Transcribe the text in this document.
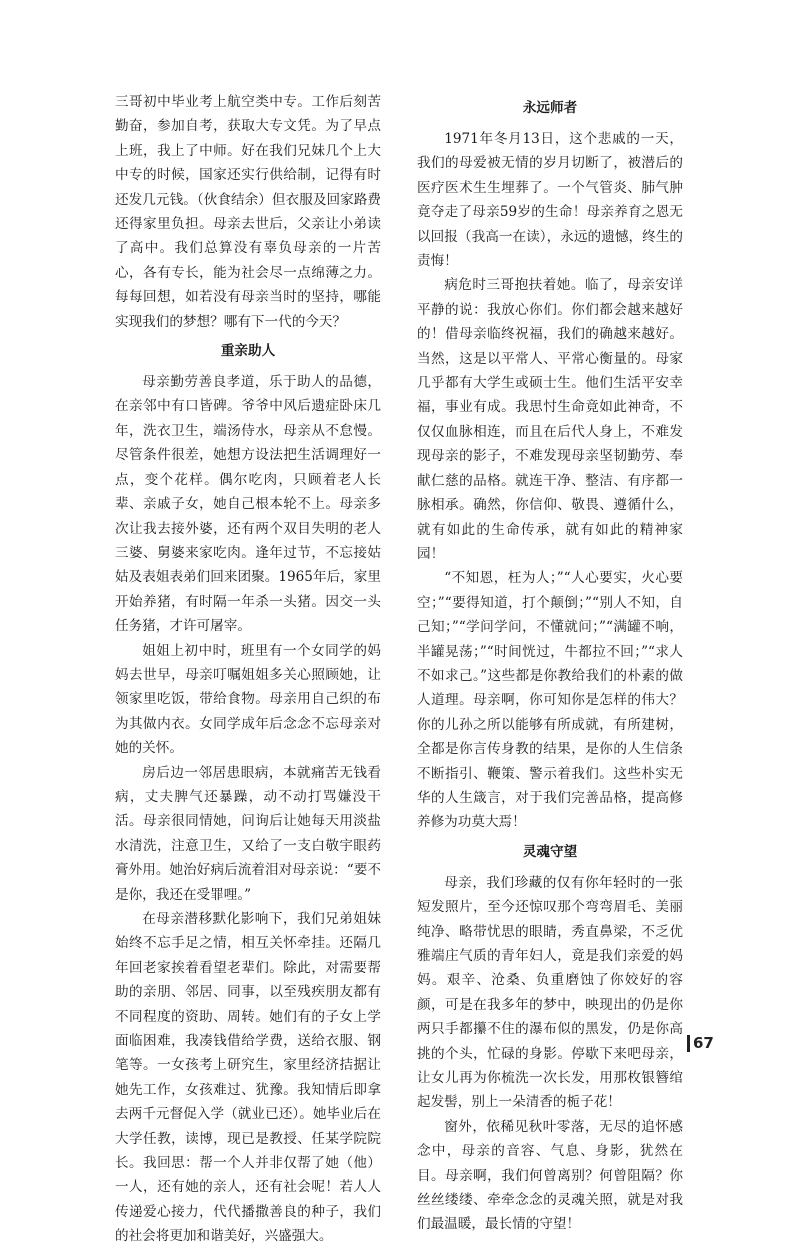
三哥初中毕业考上航空类中专。工作后刻苦勤奋，参加自考，获取大专文凭。为了早点上班，我上了中师。好在我们兄妹几个上大中专的时候，国家还实行供给制，记得有时还发几元钱。（伙食结余）但衣服及回家路费还得家里负担。母亲去世后，父亲让小弟读了高中。我们总算没有辜负母亲的一片苦心，各有专长，能为社会尽一点绵薄之力。每每回想，如若没有母亲当时的坚持，哪能实现我们的梦想？哪有下一代的今天？

重亲助人

母亲勤劳善良孝道，乐于助人的品德，在亲邻中有口皆碑。爷爷中风后遗症卧床几年，洗衣卫生，端汤侍水，母亲从不怠慢。尽管条件很差，她想方设法把生活调理好一点，变个花样。偶尔吃肉，只顾着老人长辈、亲戚子女，她自己根本轮不上。母亲多次让我去接外婆，还有两个双目失明的老人三婆、舅婆来家吃肉。逢年过节，不忘接姑姑及表姐表弟们回来团聚。1965年后，家里开始养猪，有时隔一年杀一头猪。因交一头任务猪，才许可屠宰。

姐姐上初中时，班里有一个女同学的妈妈去世早，母亲叮嘱姐姐多关心照顾她，让领家里吃饭，带给食物。母亲用自己织的布为其做内衣。女同学成年后念念不忘母亲对她的关怀。

房后边一邻居患眼病，本就痛苦无钱看病，丈夫脾气还暴躁，动不动打骂嫌没干活。母亲很同情她，问询后让她每天用淡盐水清洗，注意卫生，又给了一支白敬宇眼药膏外用。她治好病后流着泪对母亲说：“要不是你，我还在受罪哩。”

在母亲潜移默化影响下，我们兄弟姐妹始终不忘手足之情，相互关怀牵挂。还隔几年回老家挨着看望老辈们。除此，对需要帮助的亲朋、邻居、同事，以至残疾朋友都有不同程度的资助、周转。她们有的子女上学面临困难，我凑钱借给学费，送给衣服、钢笔等。一女孩考上研究生，家里经济拮据让她先工作，女孩难过、犹豫。我知情后即拿去两千元督促入学（就业已还）。她毕业后在大学任教，读博，现已是教授、任某学院院长。我回思：帮一个人并非仅帮了她（他）一人，还有她的亲人，还有社会呢！若人人传递爱心接力，代代播撒善良的种子，我们的社会将更加和谐美好，兴盛强大。

永远师者

1971年冬月13日，这个悲戚的一天，我们的母爱被无情的岁月切断了，被潜后的医疗医术生生埋葬了。一个气管炎、肺气肿竟夺走了母亲59岁的生命！母亲养育之恩无以回报（我高一在读），永远的遗憾，终生的责悔！

病危时三哥抱扶着她。临了，母亲安详平静的说：我放心你们。你们都会越来越好的！借母亲临终祝福，我们的确越来越好。当然，这是以平常人、平常心衡量的。母家几乎都有大学生或硕士生。他们生活平安幸福，事业有成。我思忖生命竟如此神奇，不仅仅血脉相连，而且在后代人身上，不难发现母亲的影子，不难发现母亲坚韧勤劳、奉献仁慈的品格。就连干净、整洁、有序都一脉相承。确然，你信仰、敬畏、遵循什么，就有如此的生命传承，就有如此的精神家园！

“不知恩，枉为人；”“人心要实，火心要空；”“要得知道，打个颠倒；”“别人不知，自己知；”“学问学问，不懂就问；”“满罐不响，半罐晃荡；”“时间恍过，牛都拉不回；”“求人不如求己。”这些都是你教给我们的朴素的做人道理。母亲啊，你可知你是怎样的伟大？你的儿孙之所以能够有所成就，有所建树，全都是你言传身教的结果，是你的人生信条不断指引、鞭策、警示着我们。这些朴实无华的人生箴言，对于我们完善品格，提高修养修为功莫大焉！

灵魂守望

母亲，我们珍藏的仅有你年轻时的一张短发照片，至今还惊叹那个弯弯眉毛、美丽纯净、略带忧思的眼睛，秀直鼻梁，不乏优雅端庄气质的青年妇人，竟是我们亲爱的妈妈。艰辛、沧桑、负重磨蚀了你姣好的容颜，可是在我多年的梦中，映现出的仍是你两只手都攥不住的瀑布似的黑发，仍是你高挑的个头，忙碌的身影。停歇下来吧母亲，让女儿再为你梳洗一次长发，用那枚银簪绾起发髻，别上一朵清香的栀子花！

窗外，依稀见秋叶零落，无尽的追怀感念中，母亲的音容、气息、身影，犹然在目。母亲啊，我们何曾离别？何曾阻隔？你丝丝缕缕、牵牵念念的灵魂关照，就是对我们最温暖，最长情的守望！

67
